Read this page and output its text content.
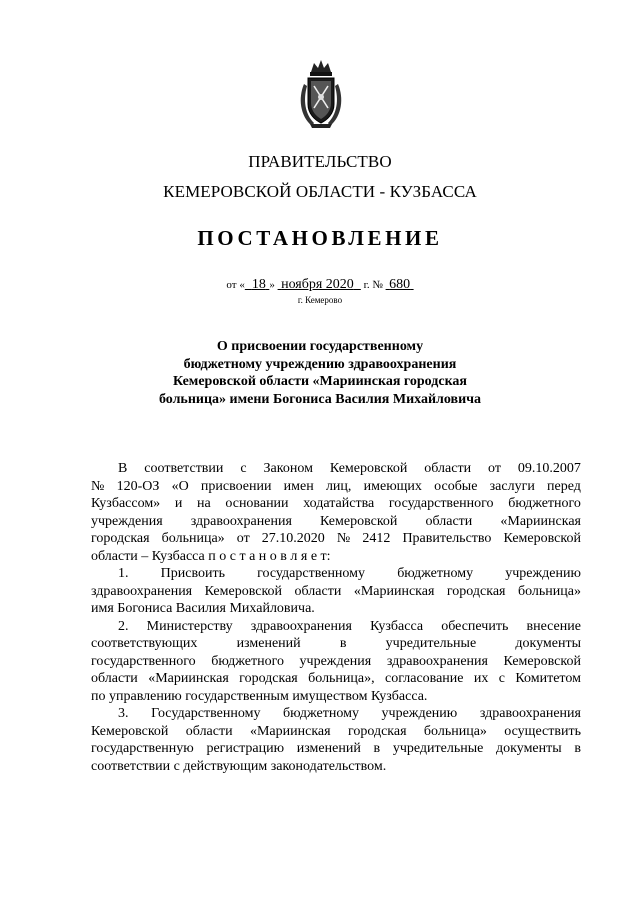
ПРАВИТЕЛЬСТВО
КЕМЕРОВСКОЙ ОБЛАСТИ - КУЗБАССА
ПОСТАНОВЛЕНИЕ
от « 18 » ноября 2020 г. № 680
г. Кемерово
О присвоении государственному
бюджетному учреждению здравоохранения
Кемеровской области «Мариинская городская
больница» имени Богониса Василия Михайловича
В соответствии с Законом Кемеровской области от 09.10.2007
№ 120-ОЗ «О присвоении имен лиц, имеющих особые заслуги перед
Кузбассом» и на основании ходатайства государственного бюджетного
учреждения здравоохранения Кемеровской области «Мариинская
городская больница» от 27.10.2020 № 2412 Правительство Кемеровской
области – Кузбасса п о с т а н о в л я е т:
1. Присвоить государственному бюджетному учреждению
здравоохранения Кемеровской области «Мариинская городская больница»
имя Богониса Василия Михайловича.
2. Министерству здравоохранения Кузбасса обеспечить внесение
соответствующих	изменений	в	учредительные	документы
государственного бюджетного учреждения здравоохранения Кемеровской
области «Мариинская городская больница», согласование их с Комитетом
по управлению государственным имуществом Кузбасса.
3. Государственному бюджетному учреждению здравоохранения
Кемеровской области «Мариинская городская больница» осуществить
государственную регистрацию изменений в учредительные документы в
соответствии с действующим законодательством.
